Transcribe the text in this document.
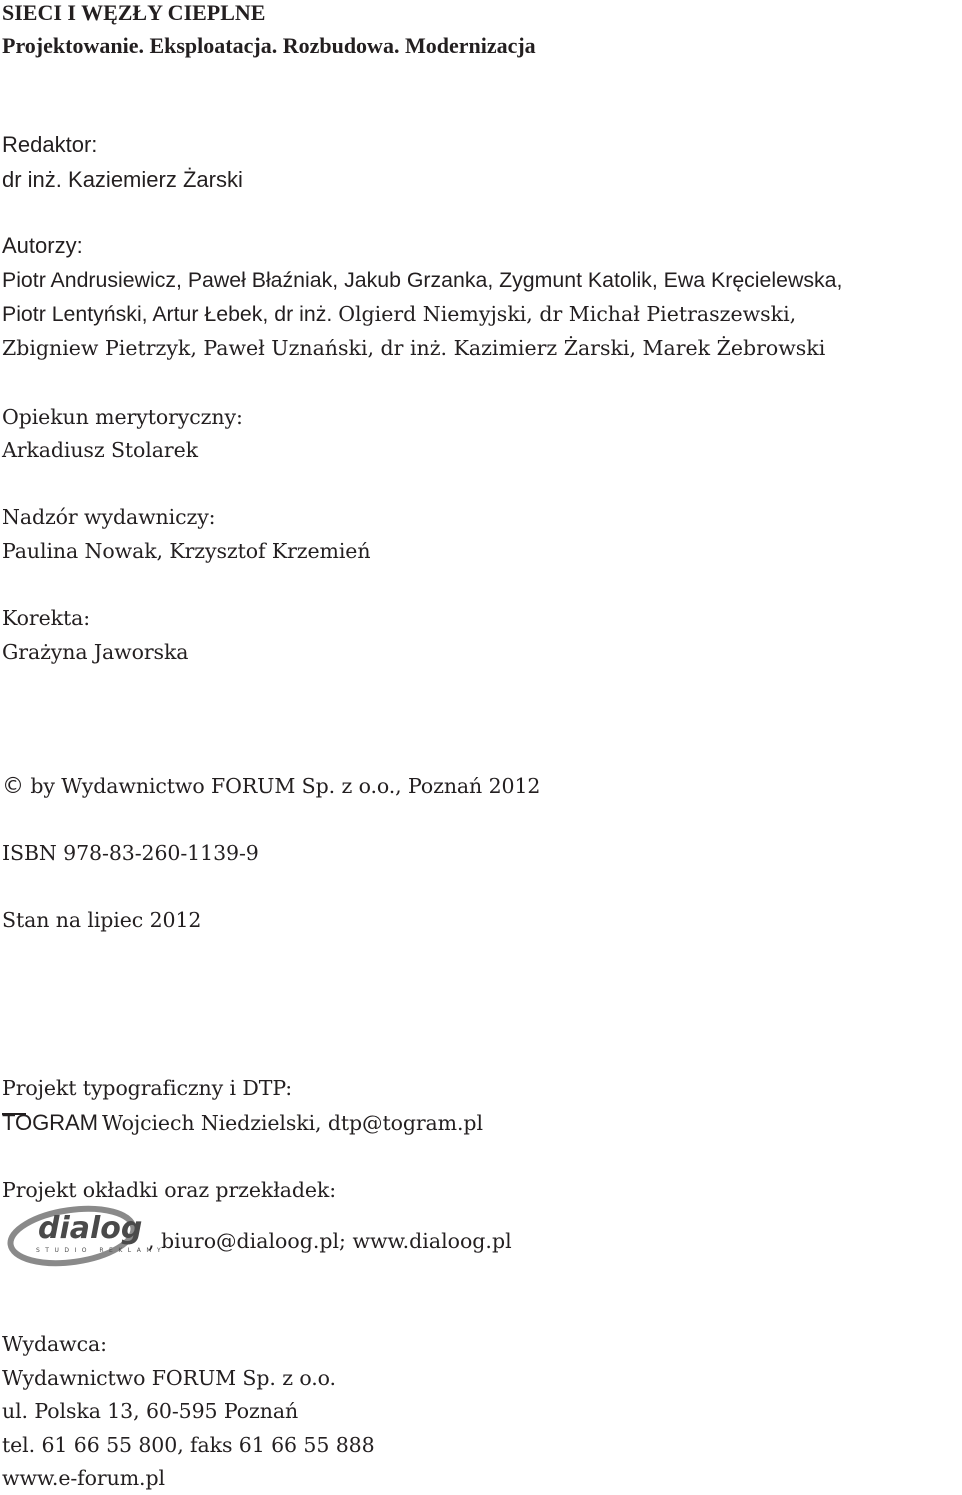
SIECI I WĘZŁY CIEPLNE
Projektowanie. Eksploatacja. Rozbudowa. Modernizacja
Redaktor:
dr inż. Kaziemierz Żarski
Autorzy:
Piotr Andrusiewicz, Paweł Błaźniak, Jakub Grzanka, Zygmunt Katolik, Ewa Kręcielewska,
Piotr Lentyński, Artur Łebek, dr inż. Olgierd Niemyjski, dr Michał Pietraszewski,
Zbigniew Pietrzyk, Paweł Uznański, dr inż. Kazimierz Żarski, Marek Żebrowski
Opiekun merytoryczny:
Arkadiusz Stolarek
Nadzór wydawniczy:
Paulina Nowak, Krzysztof Krzemień
Korekta:
Grażyna Jaworska
© by Wydawnictwo FORUM Sp. z o.o., Poznań 2012
ISBN 978-83-260-1139-9
Stan na lipiec 2012
Projekt typograficzny i DTP:
TOGRAM Wojciech Niedzielski, dtp@togram.pl
Projekt okładki oraz przekładek:
dialog
STUDIO REKLAMY
, biuro@dialoog.pl; www.dialoog.pl
Wydawca:
Wydawnictwo FORUM Sp. z o.o.
ul. Polska 13, 60-595 Poznań
tel. 61 66 55 800, faks 61 66 55 888
www.e-forum.pl
